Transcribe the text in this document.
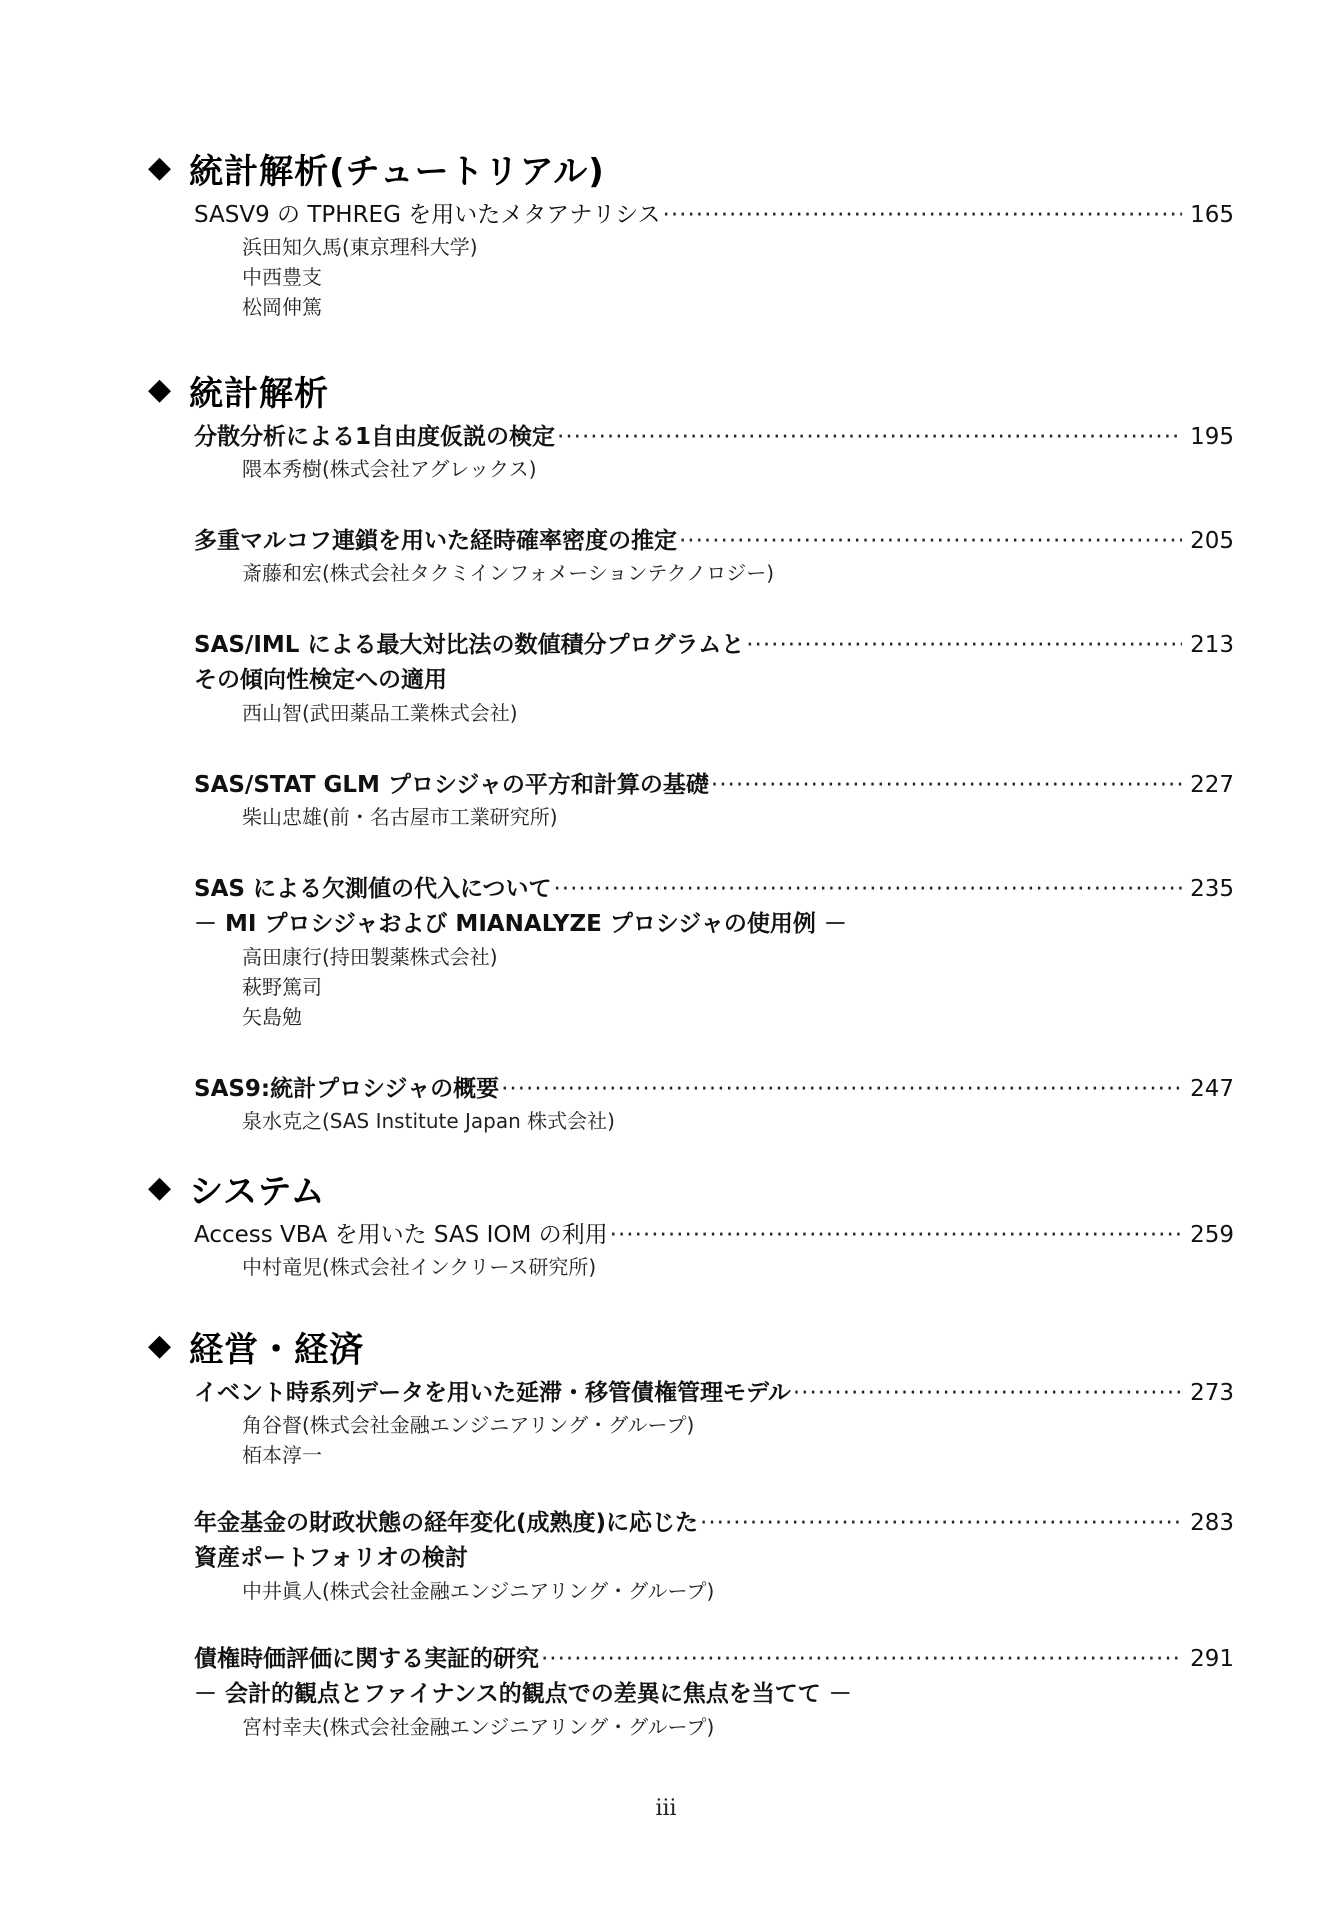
◆ 統計解析(チュートリアル)
SASV9 の TPHREG を用いたメタアナリシス ·····	165
浜田知久馬(東京理科大学)
中西豊支
松岡伸篤
◆ 統計解析
分散分析による1自由度仮説の検定 ·····	195
隈本秀樹(株式会社アグレックス)
多重マルコフ連鎖を用いた経時確率密度の推定 ·····	205
斎藤和宏(株式会社タクミインフォメーションテクノロジー)
SAS/IML による最大対比法の数値積分プログラムと ·····	213
その傾向性検定への適用
西山智(武田薬品工業株式会社)
SAS/STAT GLM プロシジャの平方和計算の基礎 ·····	227
柴山忠雄(前・名古屋市工業研究所)
SAS による欠測値の代入について ·····	235
－ MI プロシジャおよび MIANALYZE プロシジャの使用例 －
高田康行(持田製薬株式会社)
萩野篤司
矢島勉
SAS9:統計プロシジャの概要 ·····	247
泉水克之(SAS Institute Japan 株式会社)
◆ システム
Access VBA を用いた SAS IOM の利用 ·····	259
中村竜児(株式会社インクリース研究所)
◆ 経営・経済
イベント時系列データを用いた延滞・移管債権管理モデル ·····	273
角谷督(株式会社金融エンジニアリング・グループ)
栢本淳一
年金基金の財政状態の経年変化(成熟度)に応じた ·····	283
資産ポートフォリオの検討
中井眞人(株式会社金融エンジニアリング・グループ)
債権時価評価に関する実証的研究 ·····	291
－ 会計的観点とファイナンス的観点での差異に焦点を当てて －
宮村幸夫(株式会社金融エンジニアリング・グループ)
iii
